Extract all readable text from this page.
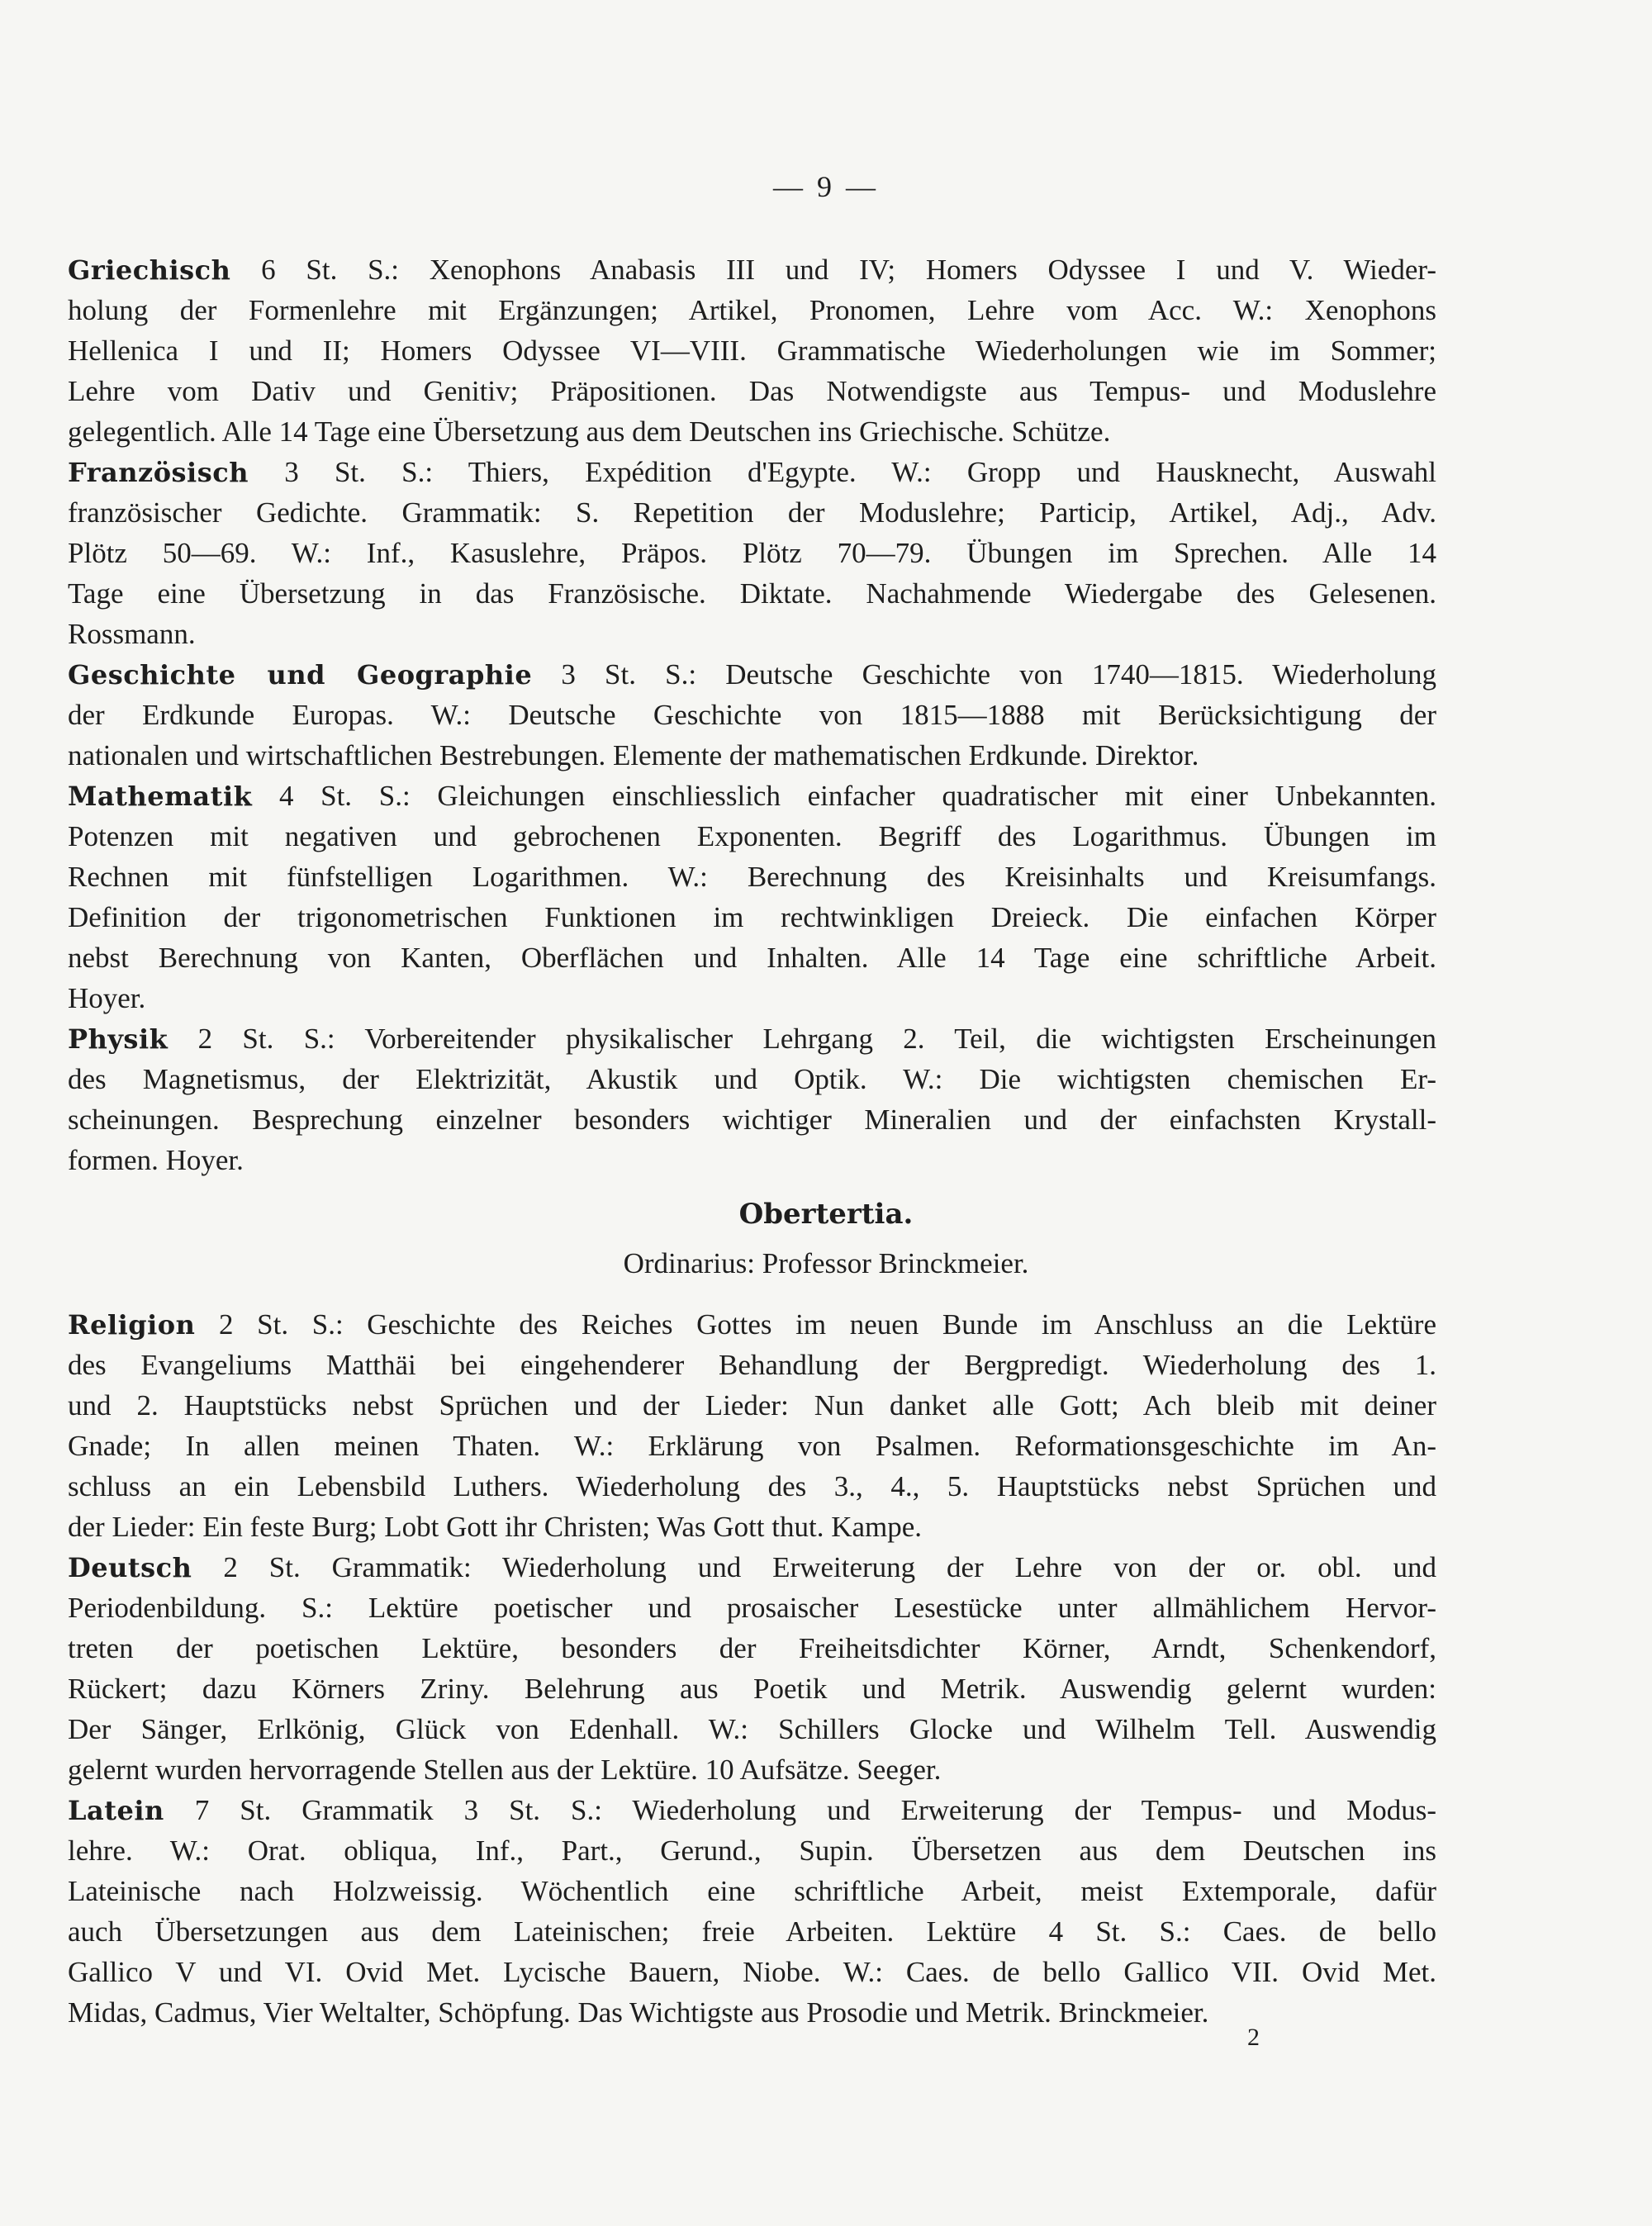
— 9 —
Griechisch 6 St. S.: Xenophons Anabasis III und IV; Homers Odyssee I und V. Wieder-
holung der Formenlehre mit Ergänzungen; Artikel, Pronomen, Lehre vom Acc. W.: Xenophons
Hellenica I und II; Homers Odyssee VI—VIII. Grammatische Wiederholungen wie im Sommer;
Lehre vom Dativ und Genitiv; Präpositionen. Das Notwendigste aus Tempus- und Moduslehre
gelegentlich. Alle 14 Tage eine Übersetzung aus dem Deutschen ins Griechische. Schütze.
Französisch 3 St. S.: Thiers, Expédition d'Egypte. W.: Gropp und Hausknecht, Auswahl
französischer Gedichte. Grammatik: S. Repetition der Moduslehre; Particip, Artikel, Adj., Adv.
Plötz 50—69. W.: Inf., Kasuslehre, Präpos. Plötz 70—79. Übungen im Sprechen. Alle 14
Tage eine Übersetzung in das Französische. Diktate. Nachahmende Wiedergabe des Gelesenen.
Rossmann.
Geschichte und Geographie 3 St. S.: Deutsche Geschichte von 1740—1815. Wiederholung
der Erdkunde Europas. W.: Deutsche Geschichte von 1815—1888 mit Berücksichtigung der
nationalen und wirtschaftlichen Bestrebungen. Elemente der mathematischen Erdkunde. Direktor.
Mathematik 4 St. S.: Gleichungen einschliesslich einfacher quadratischer mit einer Unbekannten.
Potenzen mit negativen und gebrochenen Exponenten. Begriff des Logarithmus. Übungen im
Rechnen mit fünfstelligen Logarithmen. W.: Berechnung des Kreisinhalts und Kreisumfangs.
Definition der trigonometrischen Funktionen im rechtwinkligen Dreieck. Die einfachen Körper
nebst Berechnung von Kanten, Oberflächen und Inhalten. Alle 14 Tage eine schriftliche Arbeit.
Hoyer.
Physik 2 St. S.: Vorbereitender physikalischer Lehrgang 2. Teil, die wichtigsten Erscheinungen
des Magnetismus, der Elektrizität, Akustik und Optik. W.: Die wichtigsten chemischen Er-
scheinungen. Besprechung einzelner besonders wichtiger Mineralien und der einfachsten Krystall-
formen. Hoyer.
Obertertia.
Ordinarius: Professor Brinckmeier.
Religion 2 St. S.: Geschichte des Reiches Gottes im neuen Bunde im Anschluss an die Lektüre
des Evangeliums Matthäi bei eingehenderer Behandlung der Bergpredigt. Wiederholung des 1.
und 2. Hauptstücks nebst Sprüchen und der Lieder: Nun danket alle Gott; Ach bleib mit deiner
Gnade; In allen meinen Thaten. W.: Erklärung von Psalmen. Reformationsgeschichte im An-
schluss an ein Lebensbild Luthers. Wiederholung des 3., 4., 5. Hauptstücks nebst Sprüchen und
der Lieder: Ein feste Burg; Lobt Gott ihr Christen; Was Gott thut. Kampe.
Deutsch 2 St. Grammatik: Wiederholung und Erweiterung der Lehre von der or. obl. und
Periodenbildung. S.: Lektüre poetischer und prosaischer Lesestücke unter allmählichem Hervor-
treten der poetischen Lektüre, besonders der Freiheitsdichter Körner, Arndt, Schenkendorf,
Rückert; dazu Körners Zriny. Belehrung aus Poetik und Metrik. Auswendig gelernt wurden:
Der Sänger, Erlkönig, Glück von Edenhall. W.: Schillers Glocke und Wilhelm Tell. Auswendig
gelernt wurden hervorragende Stellen aus der Lektüre. 10 Aufsätze. Seeger.
Latein 7 St. Grammatik 3 St. S.: Wiederholung und Erweiterung der Tempus- und Modus-
lehre. W.: Orat. obliqua, Inf., Part., Gerund., Supin. Übersetzen aus dem Deutschen ins
Lateinische nach Holzweissig. Wöchentlich eine schriftliche Arbeit, meist Extemporale, dafür
auch Übersetzungen aus dem Lateinischen; freie Arbeiten. Lektüre 4 St. S.: Caes. de bello
Gallico V und VI. Ovid Met. Lycische Bauern, Niobe. W.: Caes. de bello Gallico VII. Ovid Met.
Midas, Cadmus, Vier Weltalter, Schöpfung. Das Wichtigste aus Prosodie und Metrik. Brinckmeier.
2
